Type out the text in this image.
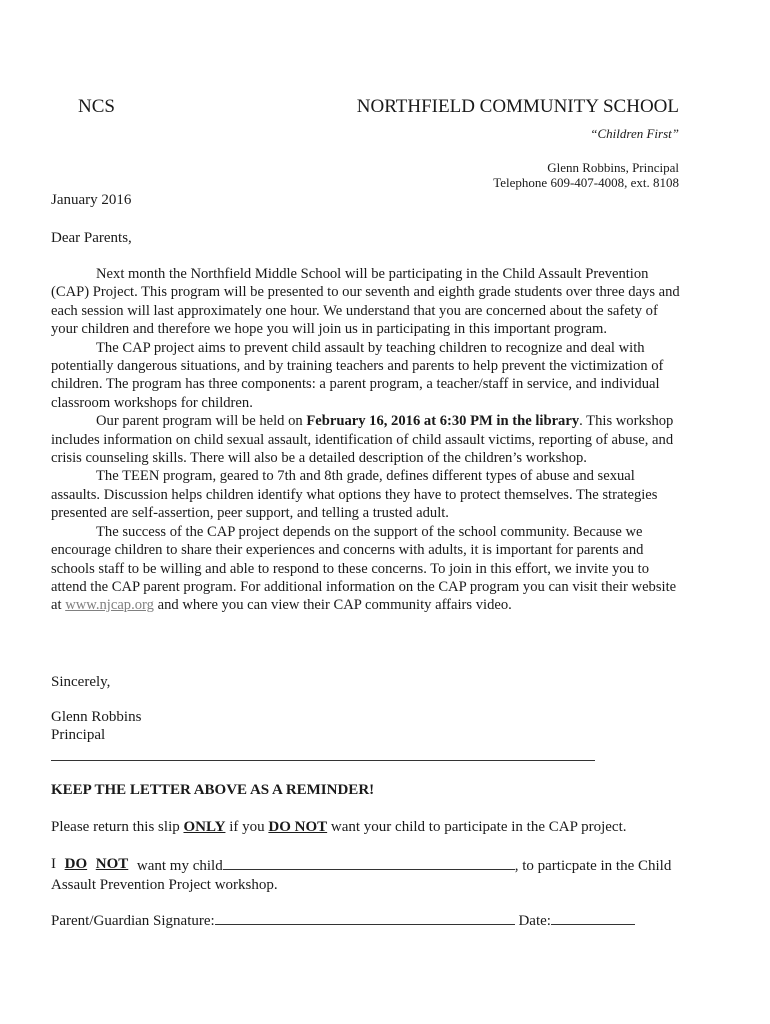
NCS	NORTHFIELD COMMUNITY SCHOOL
“Children First”
Glenn Robbins, Principal
Telephone 609-407-4008, ext. 8108
January 2016
Dear Parents,

Next month the Northfield Middle School will be participating in the Child Assault Prevention (CAP) Project. This program will be presented to our seventh and eighth grade students over three days and each session will last approximately one hour. We understand that you are concerned about the safety of your children and therefore we hope you will join us in participating in this important program.

The CAP project aims to prevent child assault by teaching children to recognize and deal with potentially dangerous situations, and by training teachers and parents to help prevent the victimization of children. The program has three components: a parent program, a teacher/staff in service, and individual classroom workshops for children.

Our parent program will be held on February 16, 2016 at 6:30 PM in the library. This workshop includes information on child sexual assault, identification of child assault victims, reporting of abuse, and crisis counseling skills. There will also be a detailed description of the children’s workshop.

The TEEN program, geared to 7th and 8th grade, defines different types of abuse and sexual assaults. Discussion helps children identify what options they have to protect themselves. The strategies presented are self-assertion, peer support, and telling a trusted adult.

The success of the CAP project depends on the support of the school community. Because we encourage children to share their experiences and concerns with adults, it is important for parents and schools staff to be willing and able to respond to these concerns. To join in this effort, we invite you to attend the CAP parent program. For additional information on the CAP program you can visit their website at www.njcap.org and where you can view their CAP community affairs video.

Sincerely,
Glenn Robbins
Principal
KEEP THE LETTER ABOVE AS A REMINDER!
Please return this slip ONLY if you DO NOT want your child to participate in the CAP project.
I DO NOT want my child	, to particpate in the Child
Assault Prevention Project workshop.
Parent/Guardian Signature:	Date:
